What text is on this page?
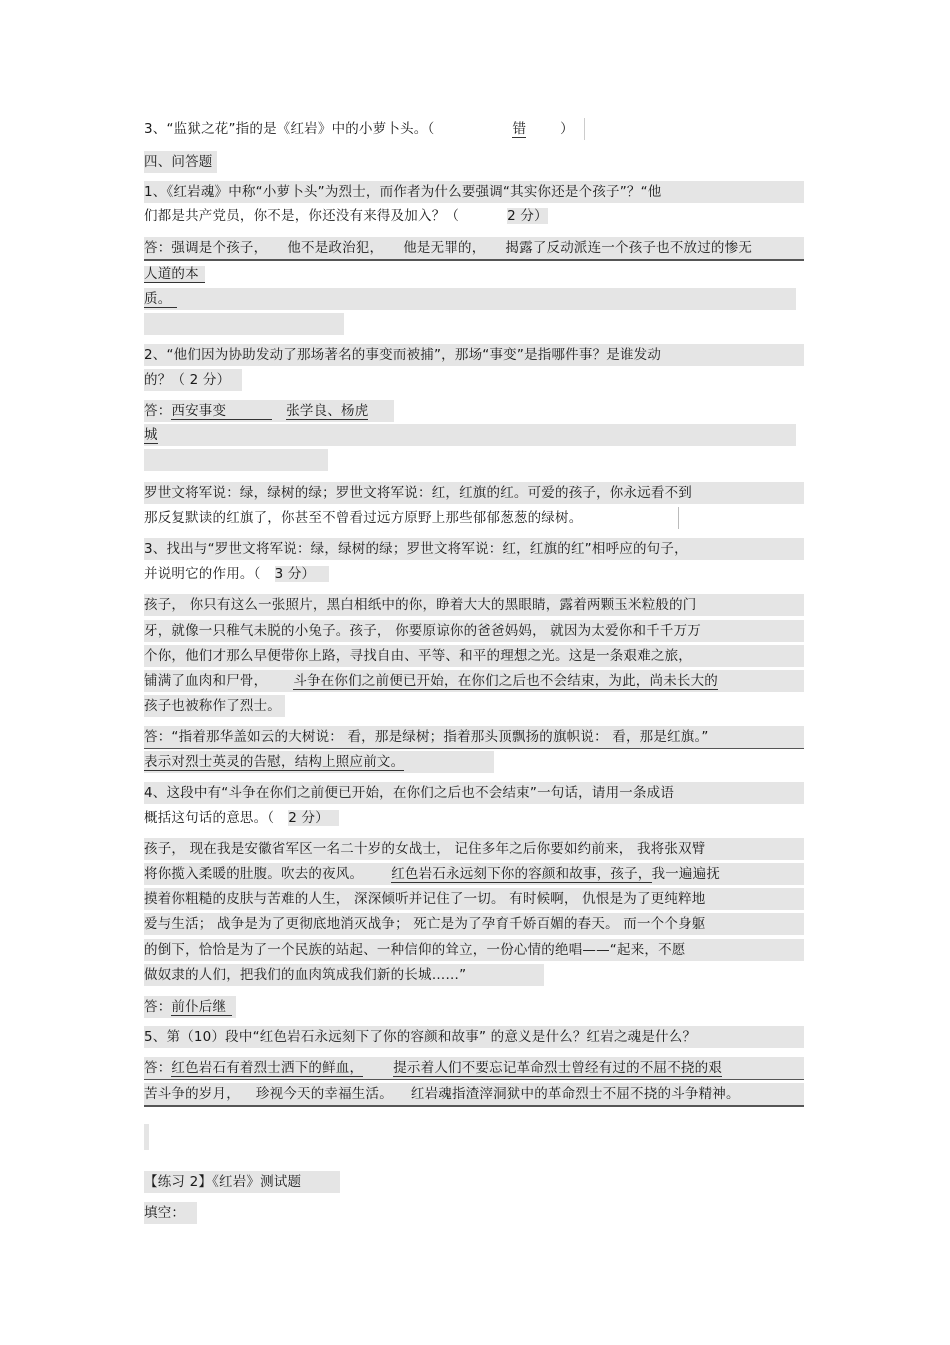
3、“监狱之花”指的是《红岩》中的小萝卜头。（	错	）
四、问答题
1、《红岩魂》中称“小萝卜头”为烈士，而作者为什么要强调“其实你还是个孩子”？“他
们都是共产党员，你不是，你还没有来得及加入？（	2 分）
答：强调是个孩子， 他不是政治犯， 他是无罪的， 揭露了反动派连一个孩子也不放过的惨无
人道的本
质。
2、“他们因为协助发动了那场著名的事变而被捕”，那场“事变”是指哪件事？是谁发动
的？（ 2 分）
答：西安事变	张学良、杨虎
城
罗世文将军说：绿，绿树的绿；罗世文将军说：红，红旗的红。可爱的孩子，你永远看不到
那反复默读的红旗了，你甚至不曾看过远方原野上那些郁郁葱葱的绿树。
3、找出与“罗世文将军说：绿，绿树的绿；罗世文将军说：红，红旗的红”相呼应的句子，
并说明它的作用。（ 3 分）
孩子， 你只有这么一张照片，黑白相纸中的你，睁着大大的黑眼睛，露着两颗玉米粒般的门
牙，就像一只稚气未脱的小兔子。孩子， 你要原谅你的爸爸妈妈， 就因为太爱你和千千万万
个你，他们才那么早便带你上路，寻找自由、平等、和平的理想之光。这是一条艰难之旅，
铺满了血肉和尸骨， 斗争在你们之前便已开始，在你们之后也不会结束，为此，尚未长大的
孩子也被称作了烈士。
答：“指着那华盖如云的大树说： 看，那是绿树；指着那头顶飘扬的旗帜说： 看，那是红旗。”
表示对烈士英灵的告慰，结构上照应前文。
4、这段中有“斗争在你们之前便已开始，在你们之后也不会结束”一句话，请用一条成语
概括这句话的意思。（ 2 分）
孩子， 现在我是安徽省军区一名二十岁的女战士， 记住多年之后你要如约前来， 我将张双臂
将你揽入柔暖的肚腹。吹去的夜风。 红色岩石永远刻下你的容颜和故事，孩子，我一遍遍抚
摸着你粗糙的皮肤与苦难的人生， 深深倾听并记住了一切。 有时候啊， 仇恨是为了更纯粹地
爱与生活； 战争是为了更彻底地消灭战争； 死亡是为了孕育千娇百媚的春天。 而一个个身躯
的倒下，恰恰是为了一个民族的站起、一种信仰的耸立，一份心情的绝唱——“起来，不愿
做奴隶的人们，把我们的血肉筑成我们新的长城……”
答：前仆后继
5、第（10）段中“红色岩石永远刻下了你的容颜和故事” 的意义是什么？红岩之魂是什么？
答：红色岩石有着烈士洒下的鲜血， 提示着人们不要忘记革命烈士曾经有过的不屈不挠的艰
苦斗争的岁月， 珍视今天的幸福生活。 红岩魂指渣滓洞狱中的革命烈士不屈不挠的斗争精神。
【练习 2】《红岩》测试题
填空：
